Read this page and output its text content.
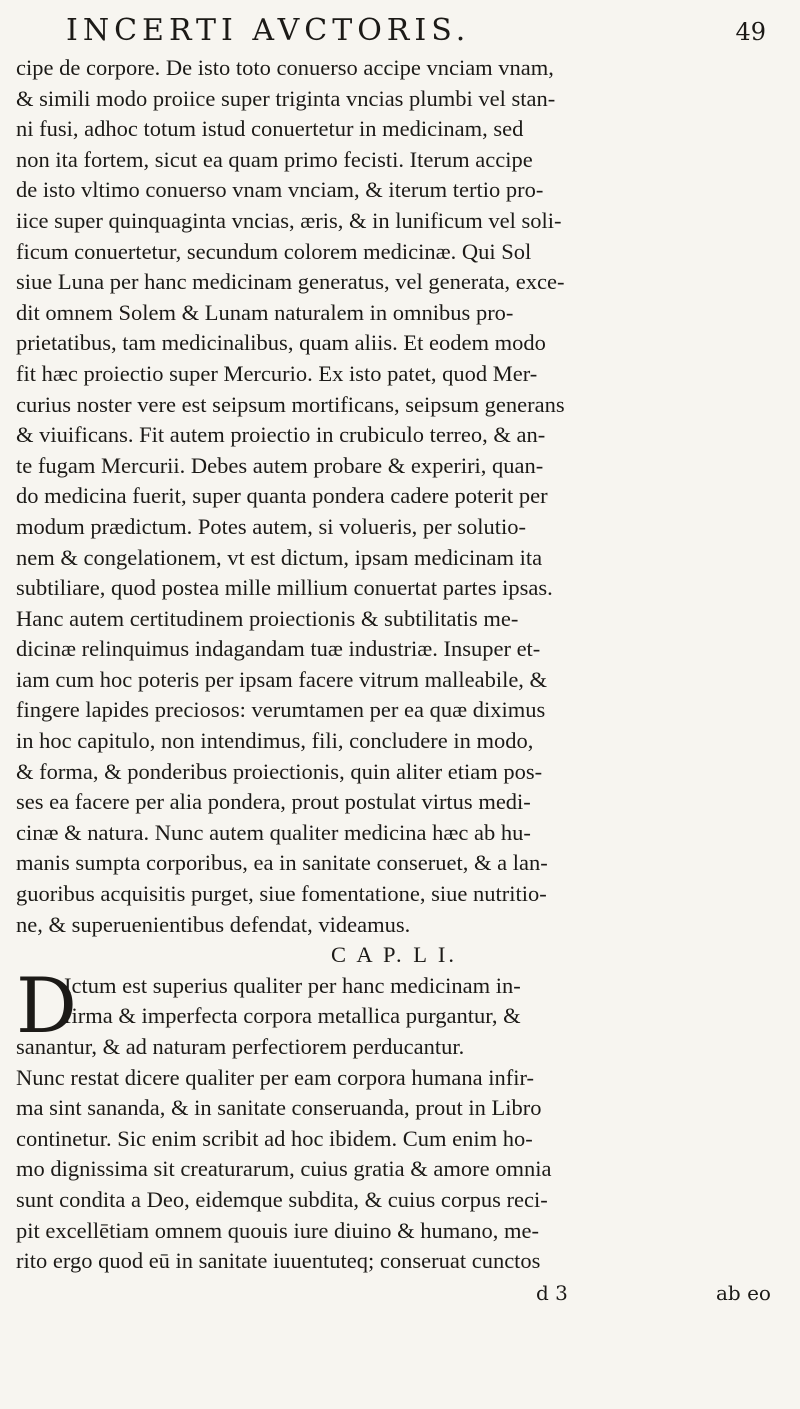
INCERTI AVCTORIS.	49
cipe de corpore. De isto toto conuerso accipe vnciam vnam,
& simili modo proiice super triginta vncias plumbi vel stan-
ni fusi, adhoc totum istud conuertetur in medicinam, sed
non ita fortem, sicut ea quam primo fecisti. Iterum accipe
de isto vltimo conuerso vnam vnciam, & iterum tertio pro-
iice super quinquaginta vncias, æris, & in lunificum vel soli-
ficum conuertetur, secundum colorem medicinæ. Qui Sol
siue Luna per hanc medicinam generatus, vel generata, exce-
dit omnem Solem & Lunam naturalem in omnibus pro-
prietatibus, tam medicinalibus, quam aliis. Et eodem modo
fit hæc proiectio super Mercurio. Ex isto patet, quod Mer-
curius noster vere est seipsum mortificans, seipsum generans
& viuificans. Fit autem proiectio in crubiculo terreo, & an-
te fugam Mercurii. Debes autem probare & experiri, quan-
do medicina fuerit, super quanta pondera cadere poterit per
modum prædictum. Potes autem, si volueris, per solutio-
nem & congelationem, vt est dictum, ipsam medicinam ita
subtiliare, quod postea mille millium conuertat partes ipsas.
Hanc autem certitudinem proiectionis & subtilitatis me-
dicinæ relinquimus indagandam tuæ industriæ. Insuper et-
iam cum hoc poteris per ipsam facere vitrum malleabile, &
fingere lapides preciosos: verumtamen per ea quæ diximus
in hoc capitulo, non intendimus, fili, concludere in modo,
& forma, & ponderibus proiectionis, quin aliter etiam pos-
ses ea facere per alia pondera, prout postulat virtus medi-
cinæ & natura. Nunc autem qualiter medicina hæc ab hu-
manis sumpta corporibus, ea in sanitate conseruet, & a lan-
guoribus acquisitis purget, siue fomentatione, siue nutritio-
ne, & superuenientibus defendat, videamus.
C A P. L I.
D
Ictum est superius qualiter per hanc medicinam in-
firma & imperfecta corpora metallica purgantur, &
sanantur, & ad naturam perfectiorem perducantur.
Nunc restat dicere qualiter per eam corpora humana infir-
ma sint sananda, & in sanitate conseruanda, prout in Libro
continetur. Sic enim scribit ad hoc ibidem. Cum enim ho-
mo dignissima sit creaturarum, cuius gratia & amore omnia
sunt condita a Deo, eidemque subdita, & cuius corpus reci-
pit excellētiam omnem quouis iure diuino & humano, me-
rito ergo quod eū in sanitate iuuentuteq; conseruat cunctos
d 3	ab eo
